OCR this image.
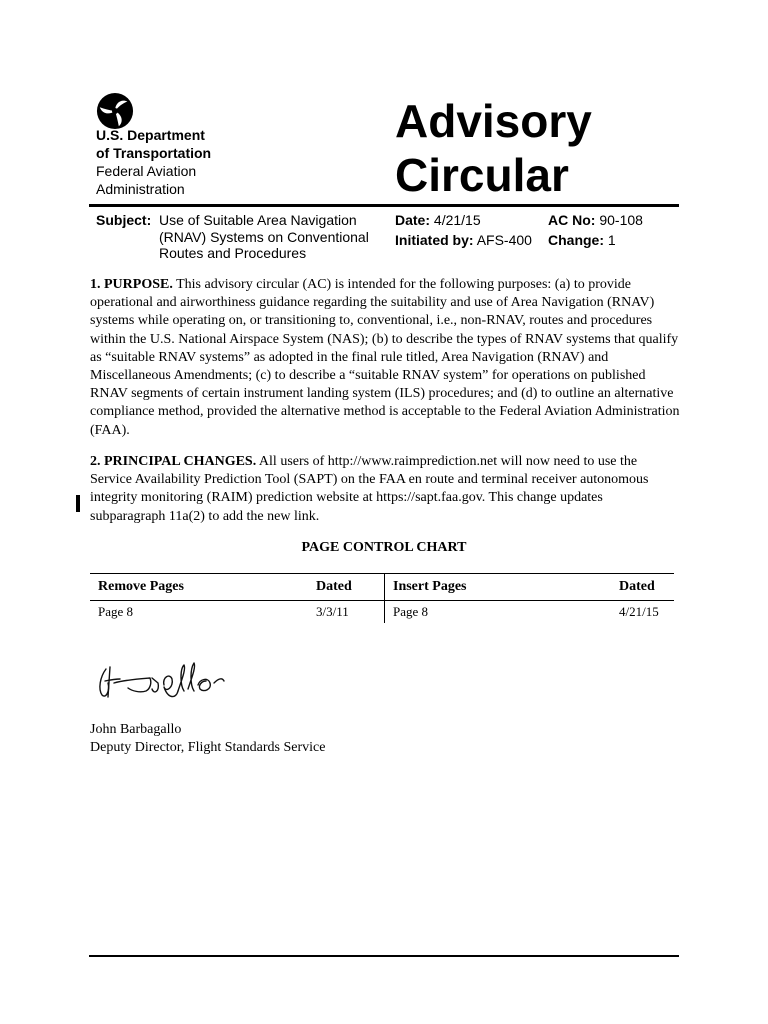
U.S. Department
of Transportation
Federal Aviation
Administration
Advisory
Circular
Subject: Use of Suitable Area Navigation (RNAV) Systems on Conventional Routes and Procedures
Date: 4/21/15
Initiated by: AFS-400
AC No: 90-108
Change: 1
1. PURPOSE. This advisory circular (AC) is intended for the following purposes: (a) to provide operational and airworthiness guidance regarding the suitability and use of Area Navigation (RNAV) systems while operating on, or transitioning to, conventional, i.e., non-RNAV, routes and procedures within the U.S. National Airspace System (NAS); (b) to describe the types of RNAV systems that qualify as “suitable RNAV systems” as adopted in the final rule titled, Area Navigation (RNAV) and Miscellaneous Amendments; (c) to describe a “suitable RNAV system” for operations on published RNAV segments of certain instrument landing system (ILS) procedures; and (d) to outline an alternative compliance method, provided the alternative method is acceptable to the Federal Aviation Administration (FAA).
2. PRINCIPAL CHANGES. All users of http://www.raimprediction.net will now need to use the Service Availability Prediction Tool (SAPT) on the FAA en route and terminal receiver autonomous integrity monitoring (RAIM) prediction website at https://sapt.faa.gov. This change updates subparagraph 11a(2) to add the new link.
PAGE CONTROL CHART
Remove Pages	Dated	Insert Pages	Dated
Page 8	3/3/11	Page 8	4/21/15
John Barbagallo
Deputy Director, Flight Standards Service
